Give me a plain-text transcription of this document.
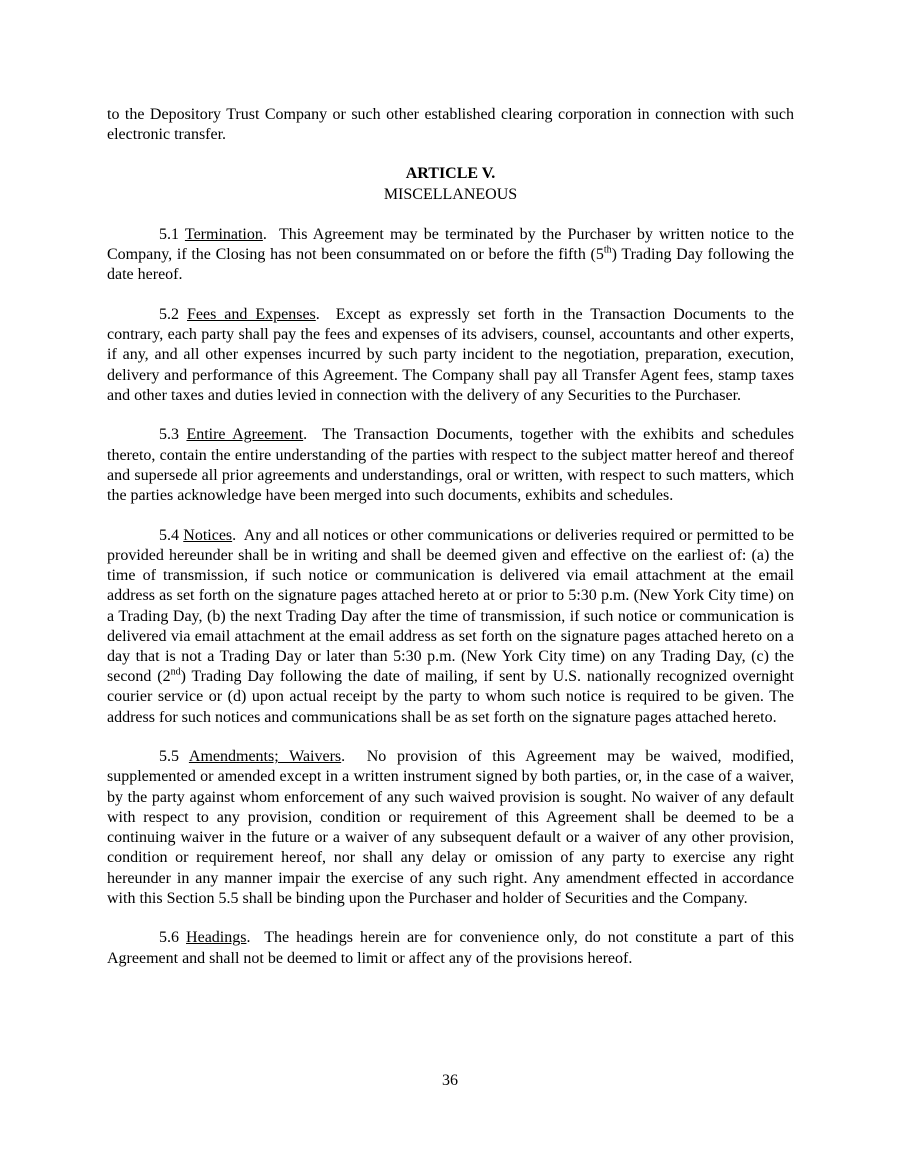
to the Depository Trust Company or such other established clearing corporation in connection with such electronic transfer.

ARTICLE V.
MISCELLANEOUS

5.1 Termination.  This Agreement may be terminated by the Purchaser by written notice to the Company, if the Closing has not been consummated on or before the fifth (5th) Trading Day following the date hereof.

5.2 Fees and Expenses.  Except as expressly set forth in the Transaction Documents to the contrary, each party shall pay the fees and expenses of its advisers, counsel, accountants and other experts, if any, and all other expenses incurred by such party incident to the negotiation, preparation, execution, delivery and performance of this Agreement. The Company shall pay all Transfer Agent fees, stamp taxes and other taxes and duties levied in connection with the delivery of any Securities to the Purchaser.

5.3 Entire Agreement.  The Transaction Documents, together with the exhibits and schedules thereto, contain the entire understanding of the parties with respect to the subject matter hereof and thereof and supersede all prior agreements and understandings, oral or written, with respect to such matters, which the parties acknowledge have been merged into such documents, exhibits and schedules.

5.4 Notices.  Any and all notices or other communications or deliveries required or permitted to be provided hereunder shall be in writing and shall be deemed given and effective on the earliest of: (a) the time of transmission, if such notice or communication is delivered via email attachment at the email address as set forth on the signature pages attached hereto at or prior to 5:30 p.m. (New York City time) on a Trading Day, (b) the next Trading Day after the time of transmission, if such notice or communication is delivered via email attachment at the email address as set forth on the signature pages attached hereto on a day that is not a Trading Day or later than 5:30 p.m. (New York City time) on any Trading Day, (c) the second (2nd) Trading Day following the date of mailing, if sent by U.S. nationally recognized overnight courier service or (d) upon actual receipt by the party to whom such notice is required to be given. The address for such notices and communications shall be as set forth on the signature pages attached hereto.

5.5 Amendments; Waivers.  No provision of this Agreement may be waived, modified, supplemented or amended except in a written instrument signed by both parties, or, in the case of a waiver, by the party against whom enforcement of any such waived provision is sought. No waiver of any default with respect to any provision, condition or requirement of this Agreement shall be deemed to be a continuing waiver in the future or a waiver of any subsequent default or a waiver of any other provision, condition or requirement hereof, nor shall any delay or omission of any party to exercise any right hereunder in any manner impair the exercise of any such right. Any amendment effected in accordance with this Section 5.5 shall be binding upon the Purchaser and holder of Securities and the Company.

5.6 Headings.  The headings herein are for convenience only, do not constitute a part of this Agreement and shall not be deemed to limit or affect any of the provisions hereof.

36
